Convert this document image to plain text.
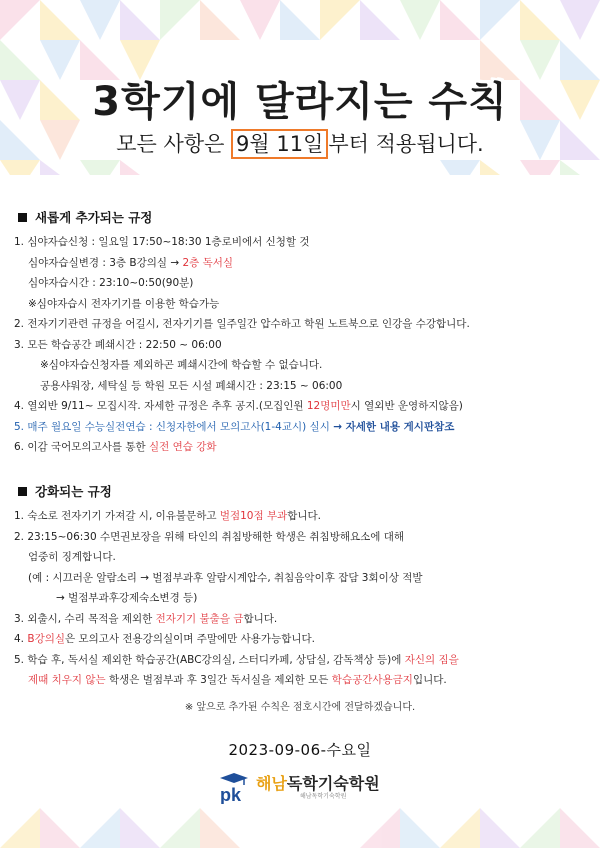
3학기에 달라지는 수칙
모든 사항은 9월 11일 부터 적용됩니다.
새롭게 추가되는 규정
1. 심야자습신청 : 일요일 17:50~18:30 1층로비에서 신청할 것
심야자습실변경 : 3층 B강의실 → 2층 독서실
심야자습시간 : 23:10~0:50(90분)
※심야자습시 전자기기를 이용한 학습가능
2. 전자기기관련 규정을 어길시, 전자기기를 일주일간 압수하고 학원 노트북으로 인강을 수강합니다.
3. 모든 학습공간 폐쇄시간 : 22:50 ~ 06:00
※심야자습신청자를 제외하곤 폐쇄시간에 학습할 수 없습니다.
공용샤워장, 세탁실 등 학원 모든 시설 폐쇄시간 : 23:15 ~ 06:00
4. 열외반 9/11~ 모집시작. 자세한 규정은 추후 공지.(모집인원 12명미만시 열외반 운영하지않음)
5. 매주 월요일 수능실전연습 : 신청자한에서 모의고사(1-4교시) 실시 → 자세한 내용 게시판참조
6. 이감 국어모의고사를 통한 실전 연습 강화
강화되는 규정
1. 숙소로 전자기기 가져갈 시, 이유불문하고 벌점10점 부과합니다.
2. 23:15~06:30 수면권보장을 위해 타인의 취침방해한 학생은 취침방해요소에 대해
엄중히 징계합니다.
(예 : 시끄러운 알람소리 → 벌점부과후 알람시계압수, 취침음악이후 잡담 3회이상 적발
→ 벌점부과후강제숙소변경 등)
3. 외출시, 수리 목적을 제외한 전자기기 불출을 금합니다.
4. B강의실은 모의고사 전용강의실이며 주말에만 사용가능합니다.
5. 학습 후, 독서실 제외한 학습공간(ABC강의실, 스터디카페, 상담실, 감독책상 등)에 자신의 짐을
제때 치우지 않는 학생은 벌점부과 후 3일간 독서실을 제외한 모든 학습공간사용금지입니다.
※ 앞으로 추가된 수칙은 점호시간에 전달하겠습니다.
2023-09-06-수요일
pk
해남독학기숙학원
해남독학기숙학원
